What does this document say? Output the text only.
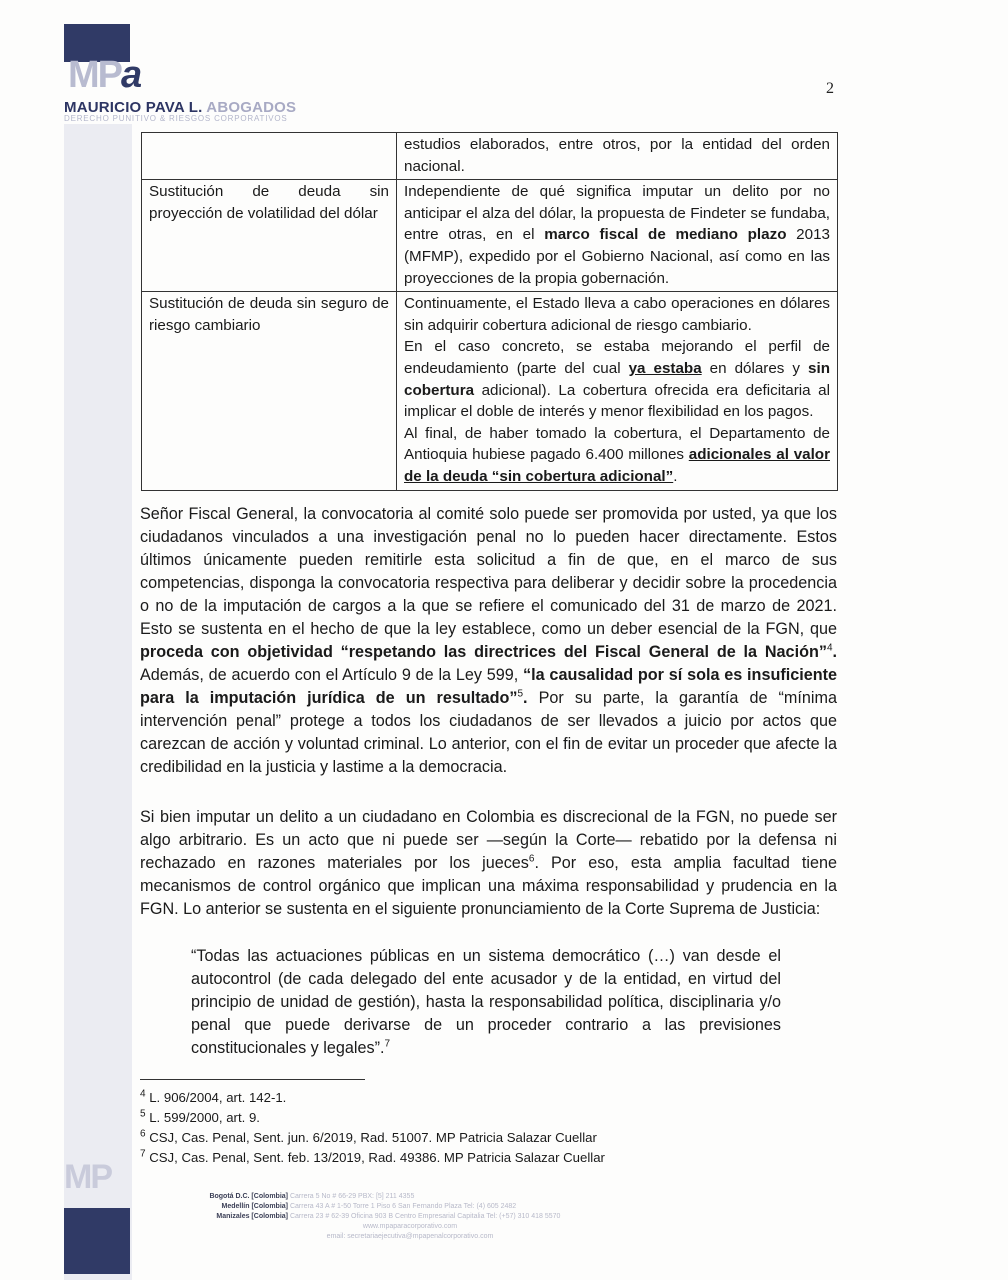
MPa
MAURICIO PAVA L. ABOGADOS
DERECHO PUNITIVO & RIESGOS CORPORATIVOS
2
	estudios elaborados, entre otros, por la entidad del orden nacional.
Sustitución de deuda sin proyección de volatilidad del dólar	Independiente de qué significa imputar un delito por no anticipar el alza del dólar, la propuesta de Findeter se fundaba, entre otras, en el marco fiscal de mediano plazo 2013 (MFMP), expedido por el Gobierno Nacional, así como en las proyecciones de la propia gobernación.
Sustitución de deuda sin seguro de riesgo cambiario	Continuamente, el Estado lleva a cabo operaciones en dólares sin adquirir cobertura adicional de riesgo cambiario.
En el caso concreto, se estaba mejorando el perfil de endeudamiento (parte del cual ya estaba en dólares y sin cobertura adicional). La cobertura ofrecida era deficitaria al implicar el doble de interés y menor flexibilidad en los pagos.
Al final, de haber tomado la cobertura, el Departamento de Antioquia hubiese pagado 6.400 millones adicionales al valor de la deuda “sin cobertura adicional”.
Señor Fiscal General, la convocatoria al comité solo puede ser promovida por usted, ya que los ciudadanos vinculados a una investigación penal no lo pueden hacer directamente. Estos últimos únicamente pueden remitirle esta solicitud a fin de que, en el marco de sus competencias, disponga la convocatoria respectiva para deliberar y decidir sobre la procedencia o no de la imputación de cargos a la que se refiere el comunicado del 31 de marzo de 2021. Esto se sustenta en el hecho de que la ley establece, como un deber esencial de la FGN, que proceda con objetividad “respetando las directrices del Fiscal General de la Nación”$^4$. Además, de acuerdo con el Artículo 9 de la Ley 599, “la causalidad por sí sola es insuficiente para la imputación jurídica de un resultado”$^5$. Por su parte, la garantía de “mínima intervención penal” protege a todos los ciudadanos de ser llevados a juicio por actos que carezcan de acción y voluntad criminal. Lo anterior, con el fin de evitar un proceder que afecte la credibilidad en la justicia y lastime a la democracia.
Si bien imputar un delito a un ciudadano en Colombia es discrecional de la FGN, no puede ser algo arbitrario. Es un acto que ni puede ser —según la Corte— rebatido por la defensa ni rechazado en razones materiales por los jueces$^6$. Por eso, esta amplia facultad tiene mecanismos de control orgánico que implican una máxima responsabilidad y prudencia en la FGN. Lo anterior se sustenta en el siguiente pronunciamiento de la Corte Suprema de Justicia:
“Todas las actuaciones públicas en un sistema democrático (…) van desde el autocontrol (de cada delegado del ente acusador y de la entidad, en virtud del principio de unidad de gestión), hasta la responsabilidad política, disciplinaria y/o penal que puede derivarse de un proceder contrario a las previsiones constitucionales y legales”.$^7$
$^4$ L. 906/2004, art. 142-1.
$^5$ L. 599/2000, art. 9.
$^6$ CSJ, Cas. Penal, Sent. jun. 6/2019, Rad. 51007. MP Patricia Salazar Cuellar
$^7$ CSJ, Cas. Penal, Sent. feb. 13/2019, Rad. 49386. MP Patricia Salazar Cuellar
MP
Bogotá D.C. [Colombia] Carrera 5 No # 66-29 PBX: [5] 211 4355
Medellín [Colombia] Carrera 43 A # 1-50 Torre 1 Piso 6 San Fernando Plaza Tel: (4) 605 2482
Manizales [Colombia] Carrera 23 # 62-39 Oficina 903 B Centro Empresarial Capitalia Tel: (+57) 310 418 5570
www.mpaparacorporativo.com
email: secretariaejecutiva@mpapenalcorporativo.com
